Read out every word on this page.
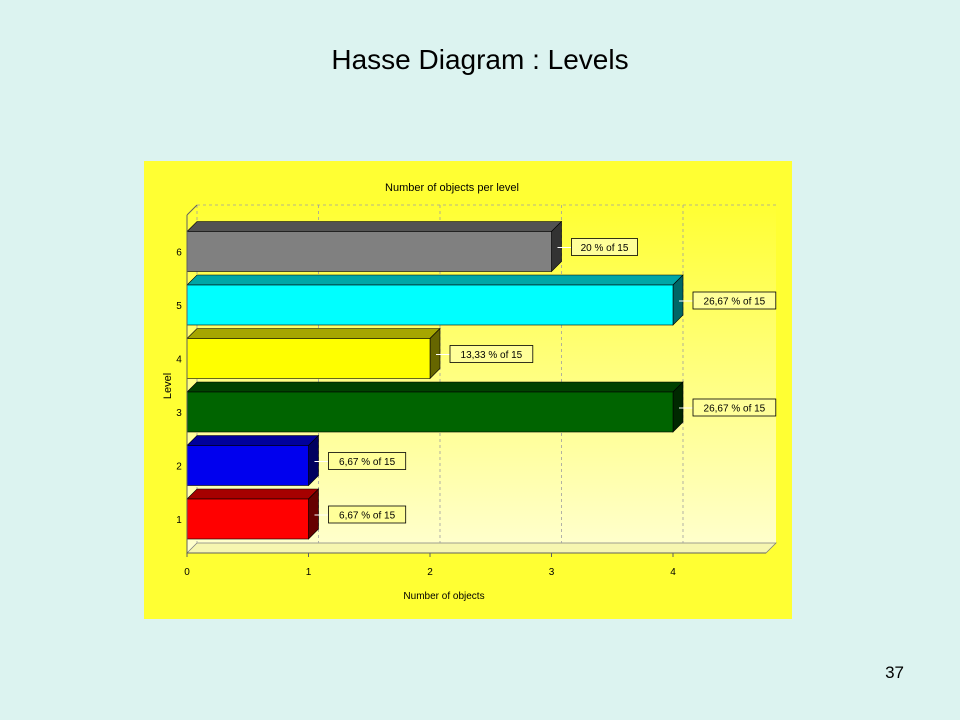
Hasse Diagram : Levels
Number of objects per level
20 % of 15
6
26,67 % of 15
5
13,33 % of 15
4
26,67 % of 15
3
6,67 % of 15
2
6,67 % of 15
1
0	1	2	3	4
Number of objects
Level
37
